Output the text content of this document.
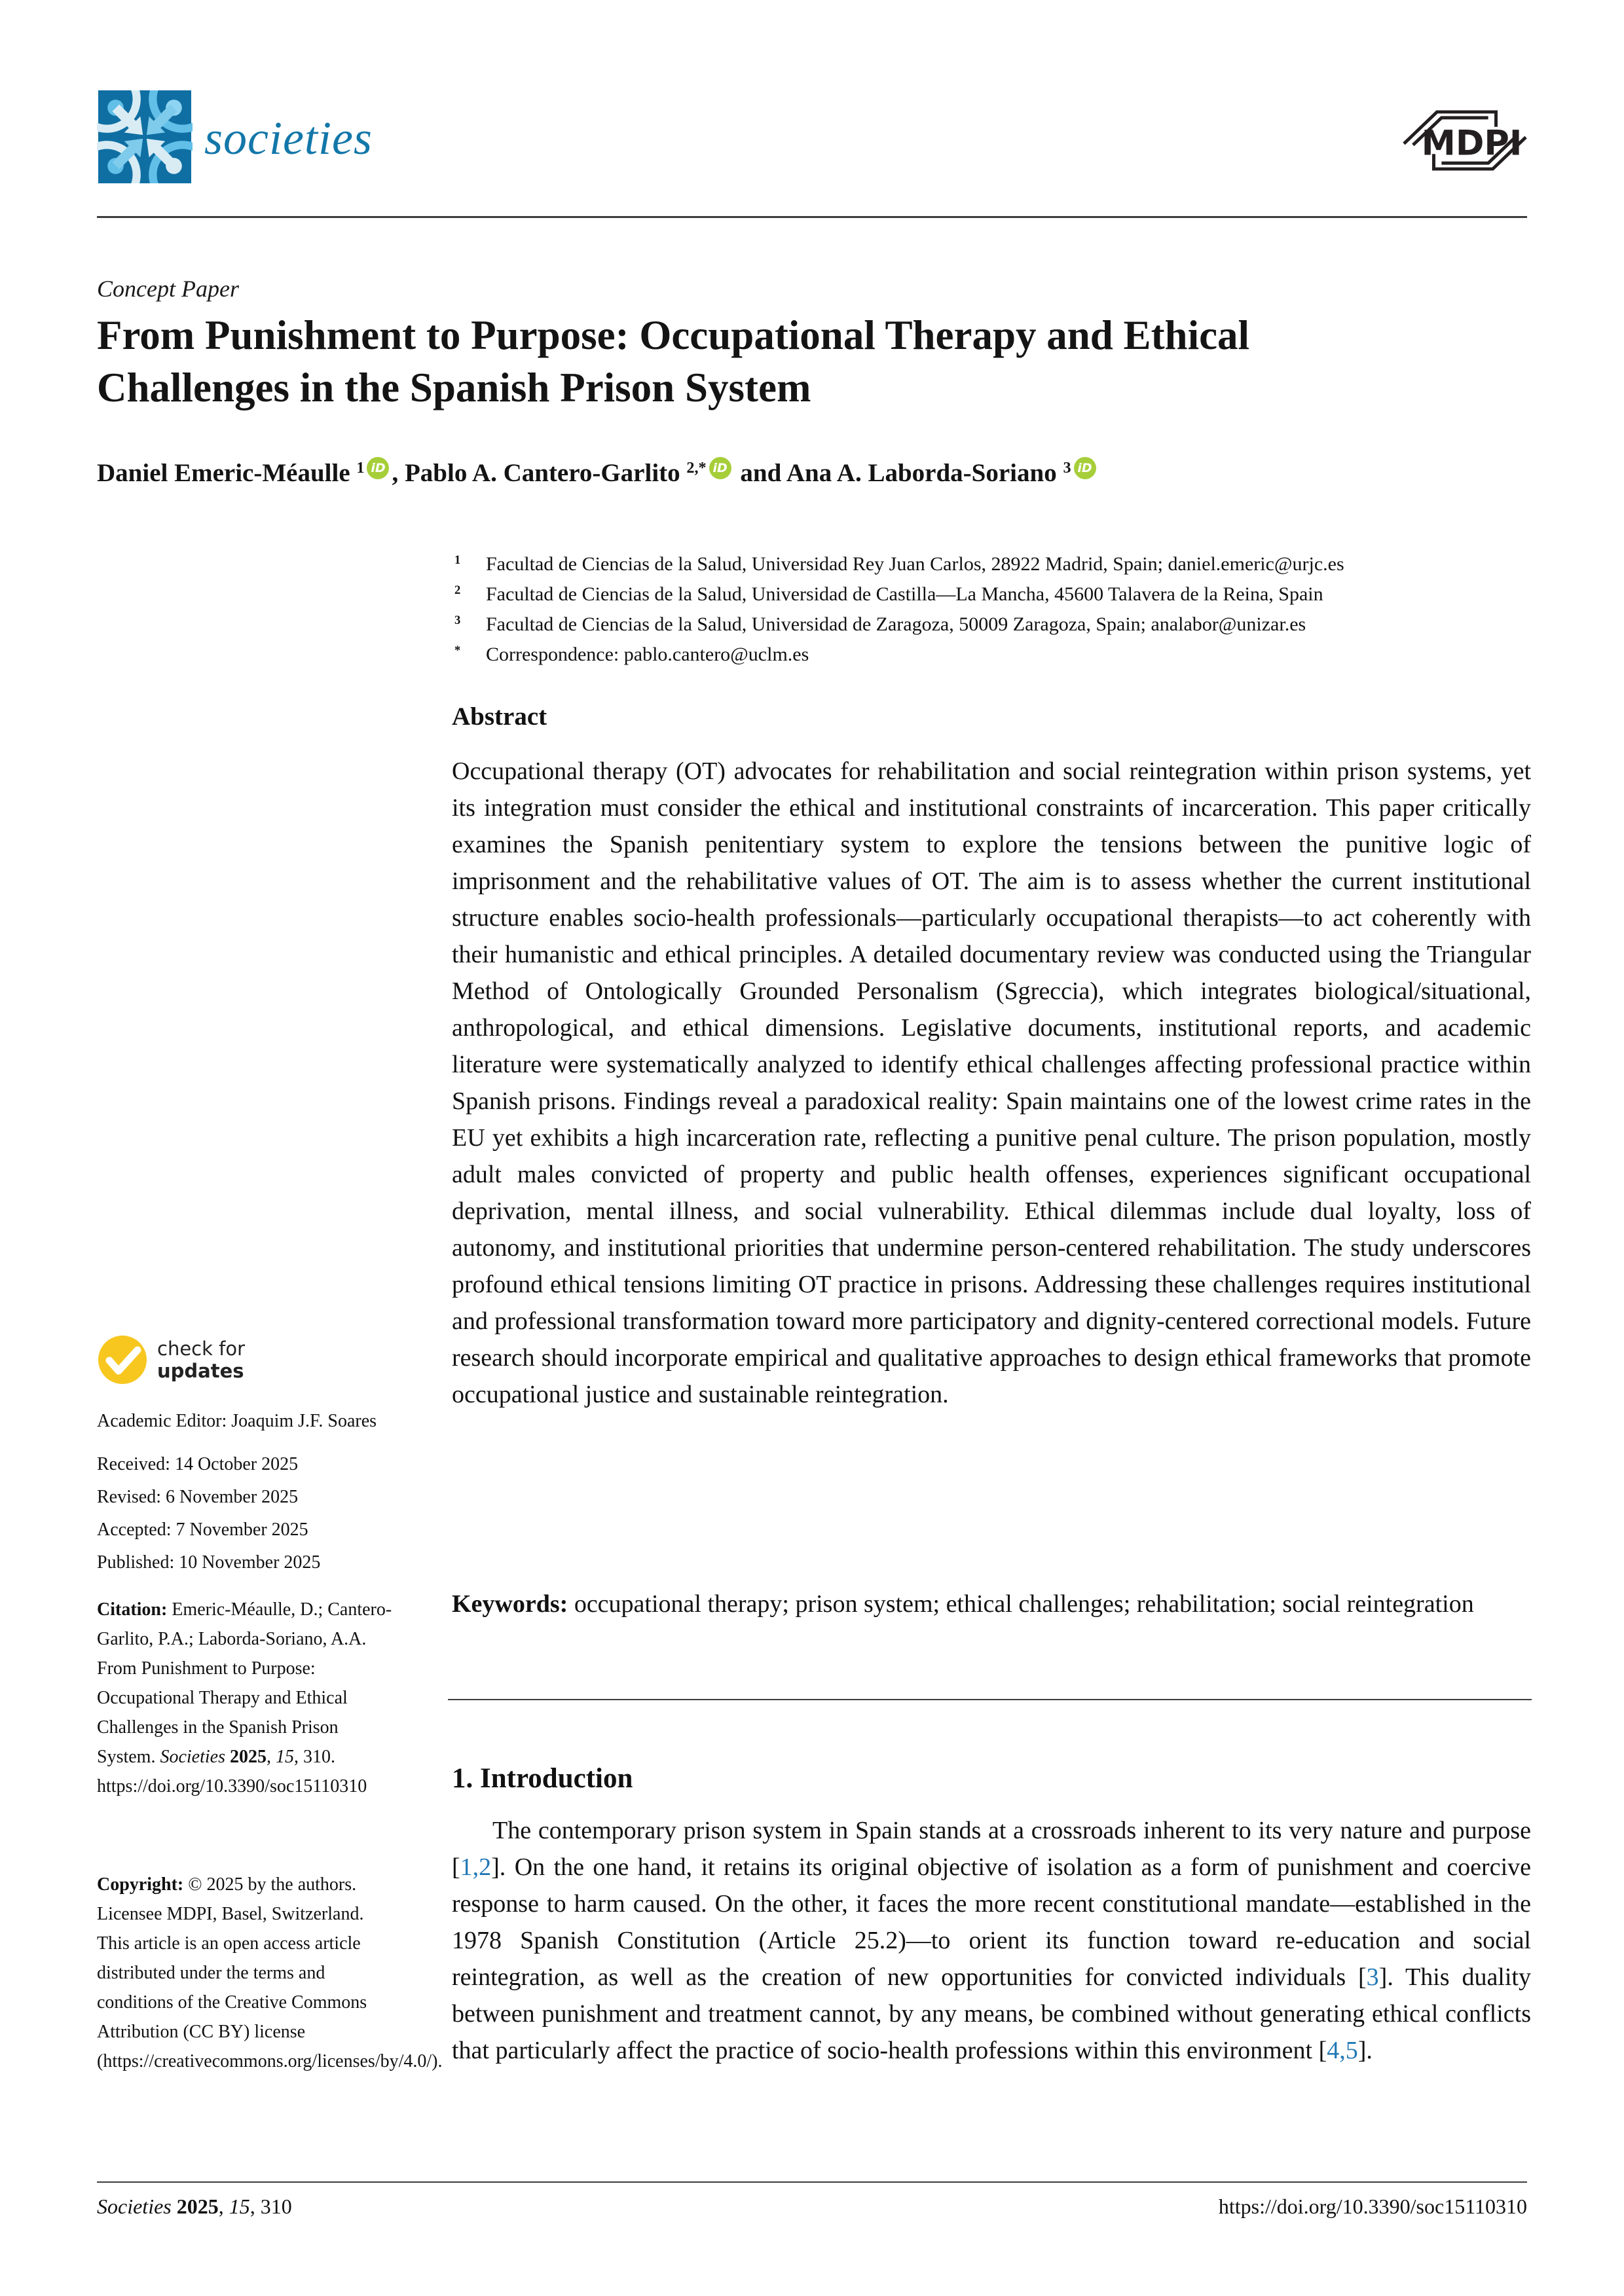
societies	MDPI
Concept Paper
From Punishment to Purpose: Occupational Therapy and Ethical Challenges in the Spanish Prison System
Daniel Emeric-Méaulle $^1$ iD , Pablo A. Cantero-Garlito $^{2,*}$ iD and Ana A. Laborda-Soriano $^3$ iD
$^1$	Facultad de Ciencias de la Salud, Universidad Rey Juan Carlos, 28922 Madrid, Spain; daniel.emeric@urjc.es
$^2$	Facultad de Ciencias de la Salud, Universidad de Castilla—La Mancha, 45600 Talavera de la Reina, Spain
$^3$	Facultad de Ciencias de la Salud, Universidad de Zaragoza, 50009 Zaragoza, Spain; analabor@unizar.es
*	Correspondence: pablo.cantero@uclm.es
Abstract
Occupational therapy (OT) advocates for rehabilitation and social reintegration within prison systems, yet its integration must consider the ethical and institutional constraints of incarceration. This paper critically examines the Spanish penitentiary system to explore the tensions between the punitive logic of imprisonment and the rehabilitative values of OT. The aim is to assess whether the current institutional structure enables socio-health professionals—particularly occupational therapists—to act coherently with their humanistic and ethical principles. A detailed documentary review was conducted using the Triangular Method of Ontologically Grounded Personalism (Sgreccia), which integrates biological/situational, anthropological, and ethical dimensions. Legislative documents, institutional reports, and academic literature were systematically analyzed to identify ethical challenges affecting professional practice within Spanish prisons. Findings reveal a paradoxical reality: Spain maintains one of the lowest crime rates in the EU yet exhibits a high incarceration rate, reflecting a punitive penal culture. The prison population, mostly adult males convicted of property and public health offenses, experiences significant occupational deprivation, mental illness, and social vulnerability. Ethical dilemmas include dual loyalty, loss of autonomy, and institutional priorities that undermine person-centered rehabilitation. The study underscores profound ethical tensions limiting OT practice in prisons. Addressing these challenges requires institutional and professional transformation toward more participatory and dignity-centered correctional models. Future research should incorporate empirical and qualitative approaches to design ethical frameworks that promote occupational justice and sustainable reintegration.
Keywords: occupational therapy; prison system; ethical challenges; rehabilitation; social reintegration
1. Introduction
The contemporary prison system in Spain stands at a crossroads inherent to its very nature and purpose [1,2]. On the one hand, it retains its original objective of isolation as a form of punishment and coercive response to harm caused. On the other, it faces the more recent constitutional mandate—established in the 1978 Spanish Constitution (Article 25.2)—to orient its function toward re-education and social reintegration, as well as the creation of new opportunities for convicted individuals [3]. This duality between punishment and treatment cannot, by any means, be combined without generating ethical conflicts that particularly affect the practice of socio-health professions within this environment [4,5].
check for
updates
Academic Editor: Joaquim J.F. Soares
Received: 14 October 2025
Revised: 6 November 2025
Accepted: 7 November 2025
Published: 10 November 2025
Citation: Emeric-Méaulle, D.; Cantero-Garlito, P.A.; Laborda-Soriano, A.A. From Punishment to Purpose: Occupational Therapy and Ethical Challenges in the Spanish Prison System. Societies 2025, 15, 310. https://doi.org/10.3390/soc15110310
Copyright: © 2025 by the authors. Licensee MDPI, Basel, Switzerland. This article is an open access article distributed under the terms and conditions of the Creative Commons Attribution (CC BY) license (https://creativecommons.org/licenses/by/4.0/).
Societies 2025, 15, 310	https://doi.org/10.3390/soc15110310
